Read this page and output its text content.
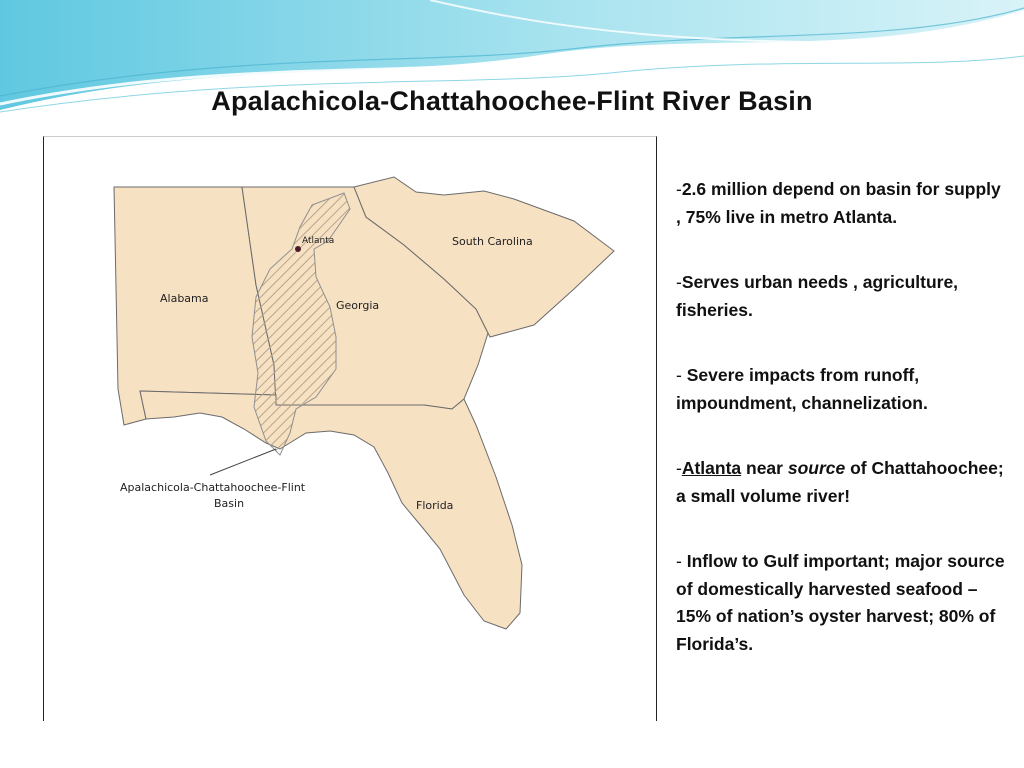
Apalachicola-Chattahoochee-Flint River Basin
Atlanta
Alabama
Georgia
South Carolina
Florida
Apalachicola-Chattahoochee-Flint
Basin
-2.6 million depend on basin for supply , 75% live in metro Atlanta.
-Serves urban needs , agriculture, fisheries.
- Severe impacts from runoff, impoundment, channelization.
-Atlanta near source of Chattahoochee; a small volume river!
- Inflow to Gulf important; major source of domestically harvested seafood – 15% of nation’s oyster harvest; 80% of Florida’s.
